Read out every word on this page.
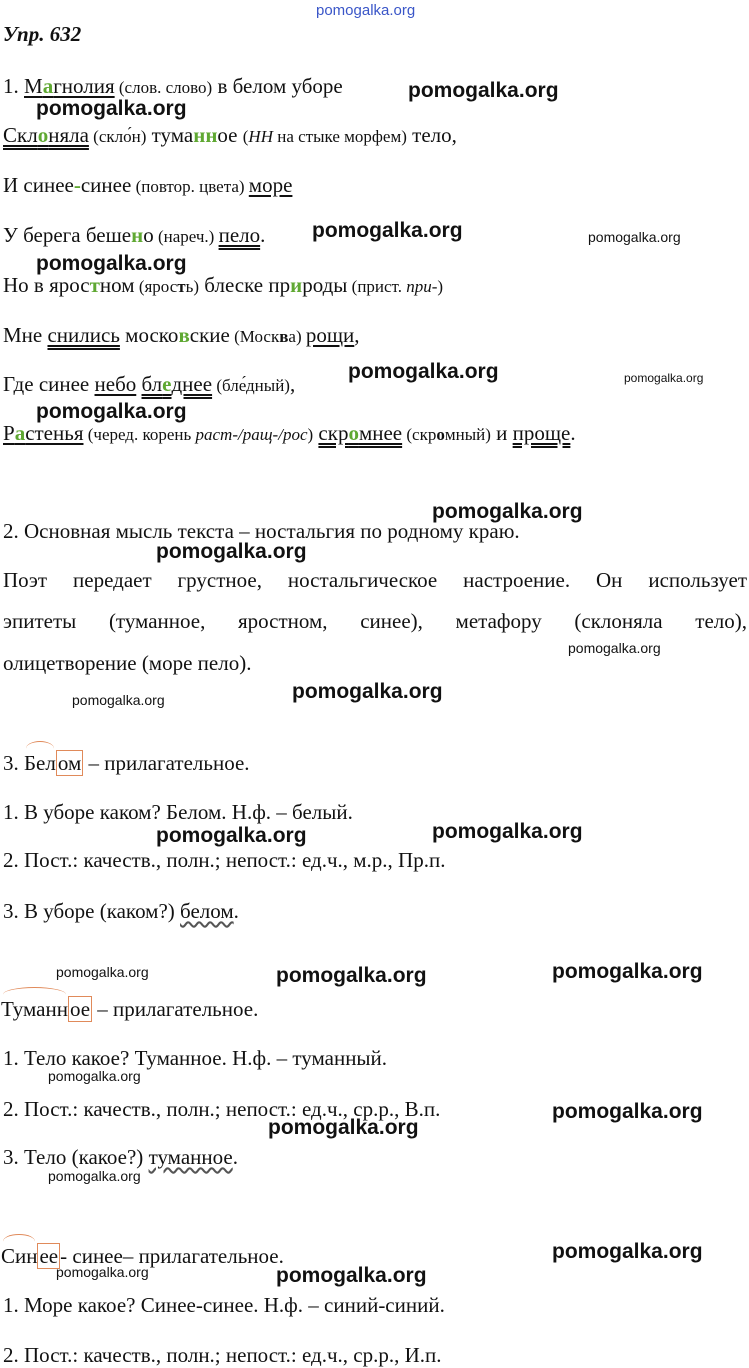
pomogalka.org
pomogalka.org
pomogalka.org
pomogalka.org	pomogalka.org
pomogalka.org
pomogalka.org	pomogalka.org
pomogalka.org
pomogalka.org
pomogalka.org
pomogalka.org
pomogalka.org
pomogalka.org
pomogalka.org	pomogalka.org
pomogalka.org	pomogalka.org	pomogalka.org
pomogalka.org
pomogalka.org
pomogalka.org
pomogalka.org
pomogalka.org
pomogalka.org	pomogalka.org
Упр. 632
1. Магнолия (слов. слово) в белом уборе
Склоняла (скло́н) туманное (НН на стыке морфем) тело,
И синее-синее (повтор. цвета) море
У берега бешено (нареч.) пело.
Но в яростном (ярость) блеске природы (прист. при-)
Мне снились московские (Москва) рощи,
Где синее небо бледнее (бле́дный),
Растенья (черед. корень раст-/ращ-/рос) скромнее (скромный) и проще.
2. Основная мысль текста – ностальгия по родному краю.
Поэт передает грустное, ностальгическое настроение. Он использует
эпитеты (туманное, яростном, синее), метафору (склоняла тело),
олицетворение (море пело).
3. Белом – прилагательное.
1. В уборе каком? Белом. Н.ф. – белый.
2. Пост.: качеств., полн.; непост.: ед.ч., м.р., Пр.п.
3. В уборе (каком?) белом.
Туманное – прилагательное.
1. Тело какое? Туманное. Н.ф. – туманный.
2. Пост.: качеств., полн.; непост.: ед.ч., ср.р., В.п.
3. Тело (какое?) туманное.
Синее- синее– прилагательное.
1. Море какое? Синее-синее. Н.ф. – синий-синий.
2. Пост.: качеств., полн.; непост.: ед.ч., ср.р., И.п.
